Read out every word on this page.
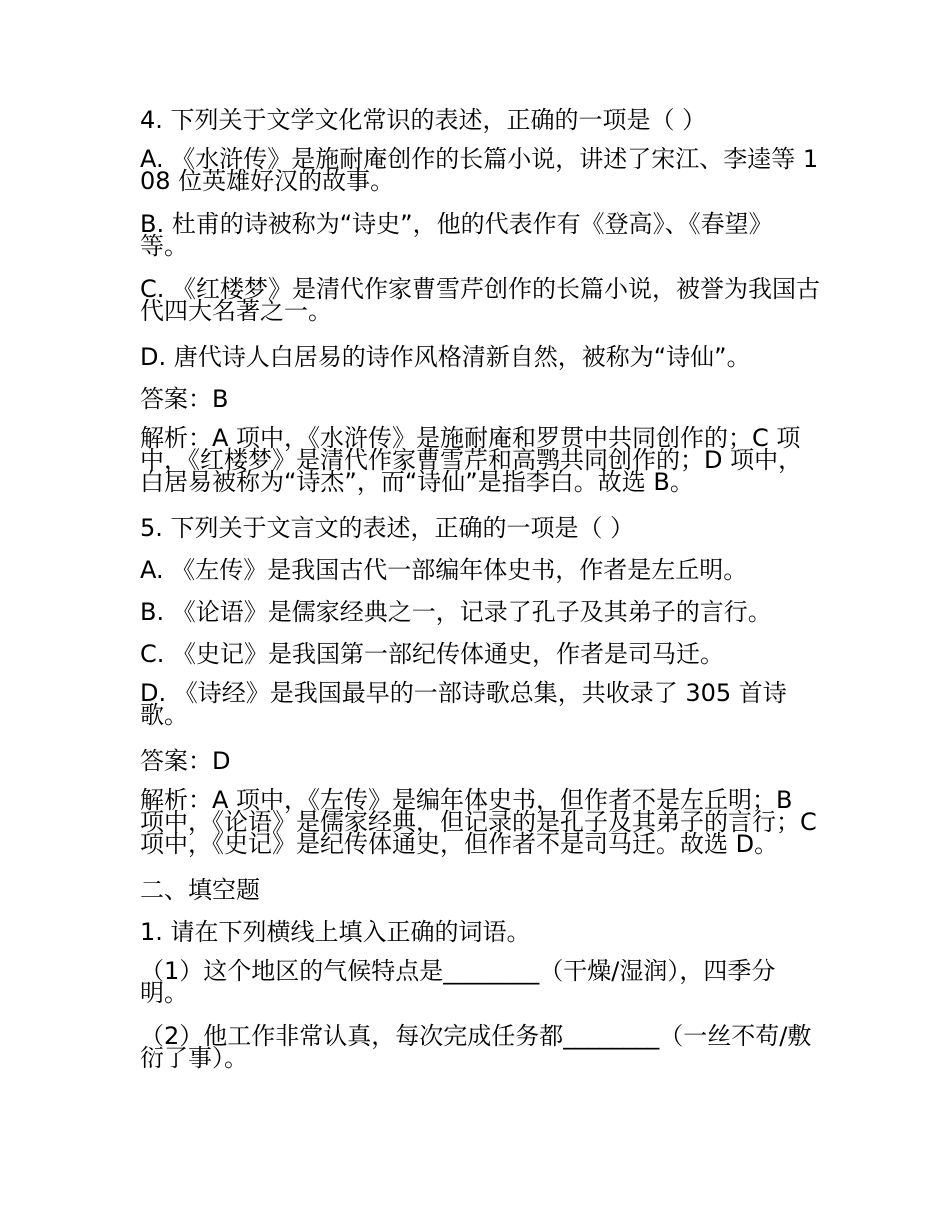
4. 下列关于文学文化常识的表述，正确的一项是（ ）
A. 《水浒传》是施耐庵创作的长篇小说，讲述了宋江、李逵等 108 位英雄好汉的故事。
B. 杜甫的诗被称为“诗史”，他的代表作有《登高》、《春望》等。
C. 《红楼梦》是清代作家曹雪芹创作的长篇小说，被誉为我国古代四大名著之一。
D. 唐代诗人白居易的诗作风格清新自然，被称为“诗仙”。
答案：B
解析：A 项中，《水浒传》是施耐庵和罗贯中共同创作的；C 项中，《红楼梦》是清代作家曹雪芹和高鹗共同创作的；D 项中，白居易被称为“诗杰”，而“诗仙”是指李白。故选 B。
5. 下列关于文言文的表述，正确的一项是（ ）
A. 《左传》是我国古代一部编年体史书，作者是左丘明。
B. 《论语》是儒家经典之一，记录了孔子及其弟子的言行。
C. 《史记》是我国第一部纪传体通史，作者是司马迁。
D. 《诗经》是我国最早的一部诗歌总集，共收录了 305 首诗歌。
答案：D
解析：A 项中，《左传》是编年体史书，但作者不是左丘明；B 项中，《论语》是儒家经典，但记录的是孔子及其弟子的言行；C 项中，《史记》是纪传体通史，但作者不是司马迁。故选 D。
二、填空题
1. 请在下列横线上填入正确的词语。
（1）这个地区的气候特点是________（干燥/湿润），四季分明。
（2）他工作非常认真，每次完成任务都________（一丝不苟/敷衍了事）。
